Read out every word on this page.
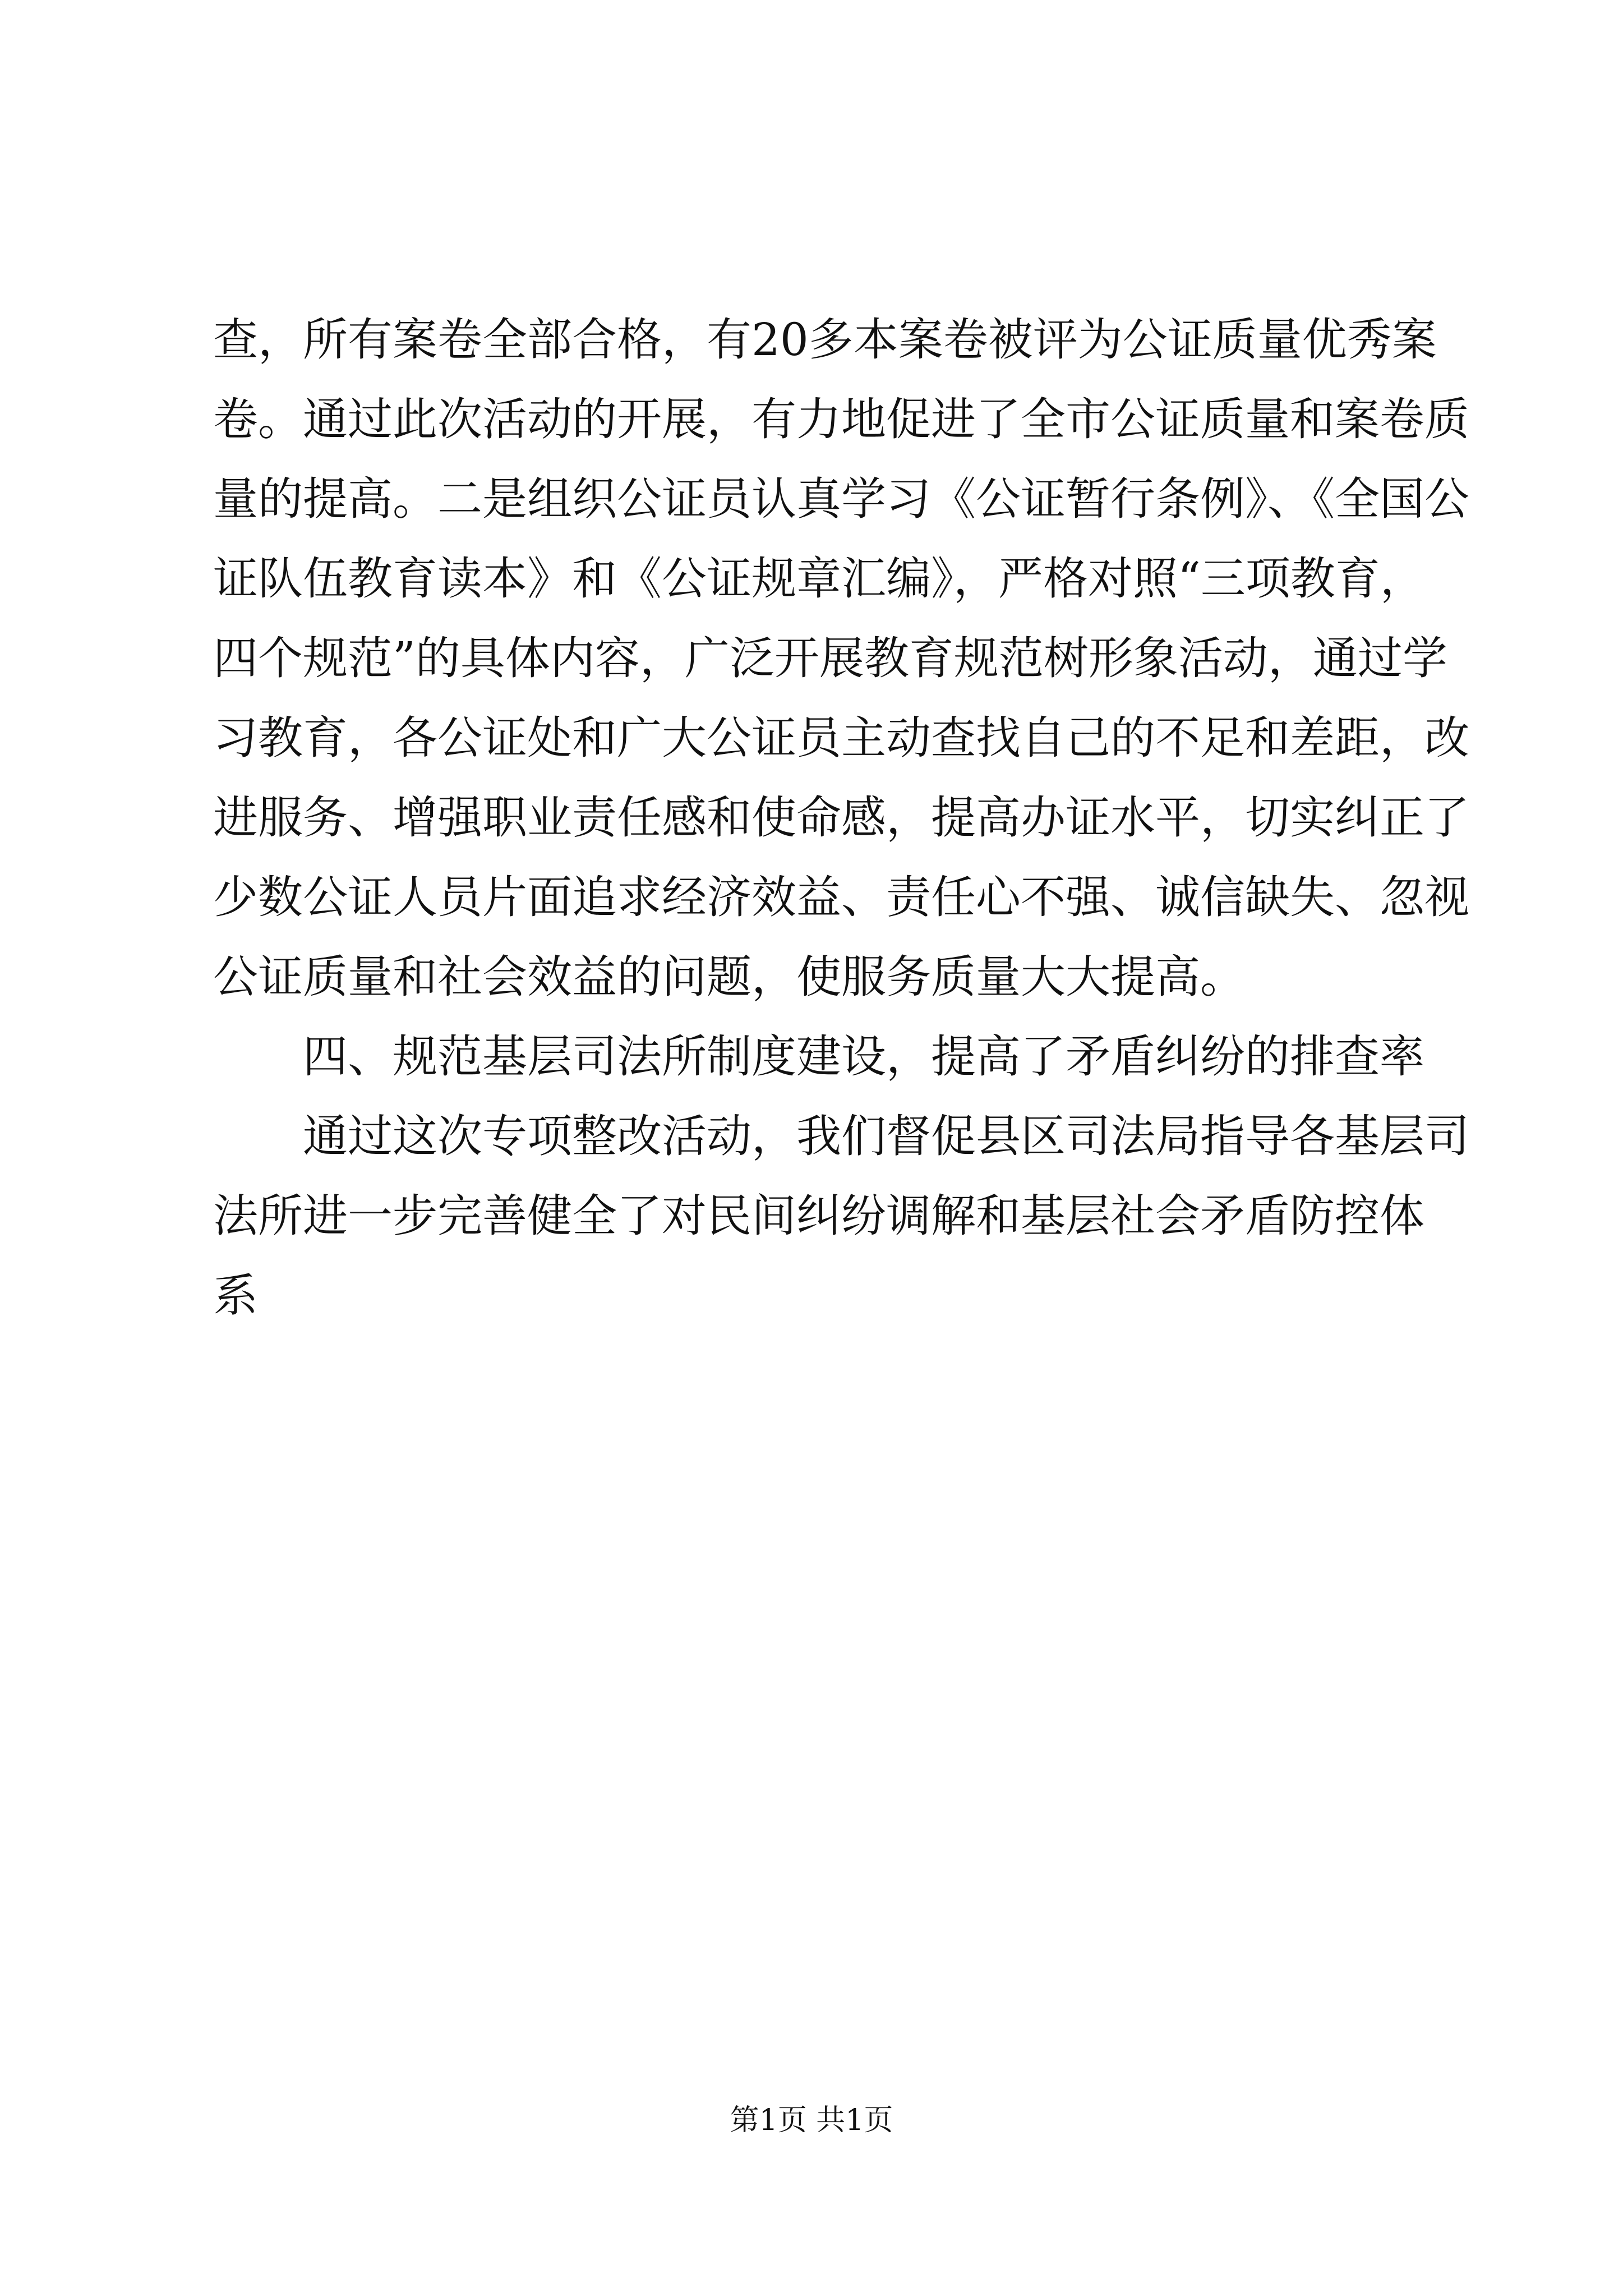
查，所有案卷全部合格，有20多本案卷被评为公证质量优秀案
卷。通过此次活动的开展，有力地促进了全市公证质量和案卷质
量的提高。二是组织公证员认真学习《公证暂行条例》、《全国公
证队伍教育读本》和《公证规章汇编》，严格对照“三项教育，
四个规范”的具体内容，广泛开展教育规范树形象活动，通过学
习教育，各公证处和广大公证员主动查找自己的不足和差距，改
进服务、增强职业责任感和使命感，提高办证水平，切实纠正了
少数公证人员片面追求经济效益、责任心不强、诚信缺失、忽视
公证质量和社会效益的问题，使服务质量大大提高。
四、规范基层司法所制度建设，提高了矛盾纠纷的排查率
通过这次专项整改活动，我们督促县区司法局指导各基层司
法所进一步完善健全了对民间纠纷调解和基层社会矛盾防控体
系
第1页 共1页
